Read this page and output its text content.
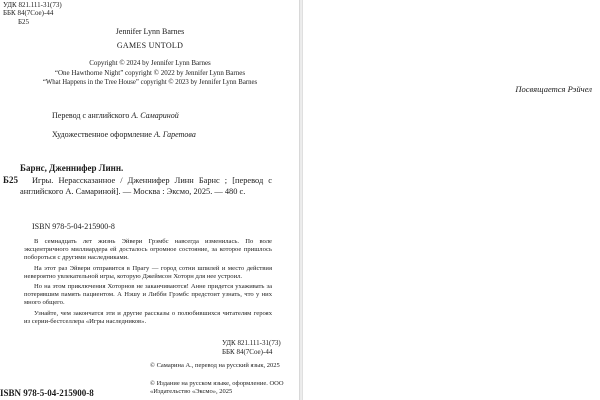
УДК 821.111-31(73)
ББК 84(7Сое)-44
Б25
Jennifer Lynn Barnes
GAMES UNTOLD
Copyright © 2024 by Jennifer Lynn Barnes
“One Hawthorne Night” copyright © 2022 by Jennifer Lynn Barnes
“What Happens in the Tree House” copyright © 2023 by Jennifer Lynn Barnes
Перевод с английского А. Самариной
Художественное оформление А. Гаретова
Б25
Барнс, Дженнифер Линн.
Игры. Нерассказанное / Дженнифер Линн Барнс ; [перевод с английского А. Самариной]. — Москва : Эксмо, 2025. — 480 с.
ISBN 978-5-04-215900-8

В семнадцать лет жизнь Эйвери Грэмбс навсегда изменилась. По воле эксцентричного миллиардера ей досталось огромное состояние, за которое пришлось побороться с другими наследниками.

На этот раз Эйвери отправится в Прагу — город сотни шпилей и место действия невероятно увлекательной игры, которую Джеймсон Хоторн для нее устроил.

Но на этом приключения Хоторнов не заканчиваются! Анне придется ухаживать за потерявшим память пациентом. А Нэшу и Либби Грэмбс предстоит узнать, что у них много общего.

Узнайте, чем закончатся эти и другие рассказы о полюбившихся читателям героях из серии-бестселлера «Игры наследников».

УДК 821.111-31(73)
ББК 84(7Сое)-44
© Самарина А., перевод на русский язык, 2025
© Издание на русском языке, оформление. ООО «Издательство «Эксмо», 2025
ISBN 978-5-04-215900-8
Посвящается Рэйчел
